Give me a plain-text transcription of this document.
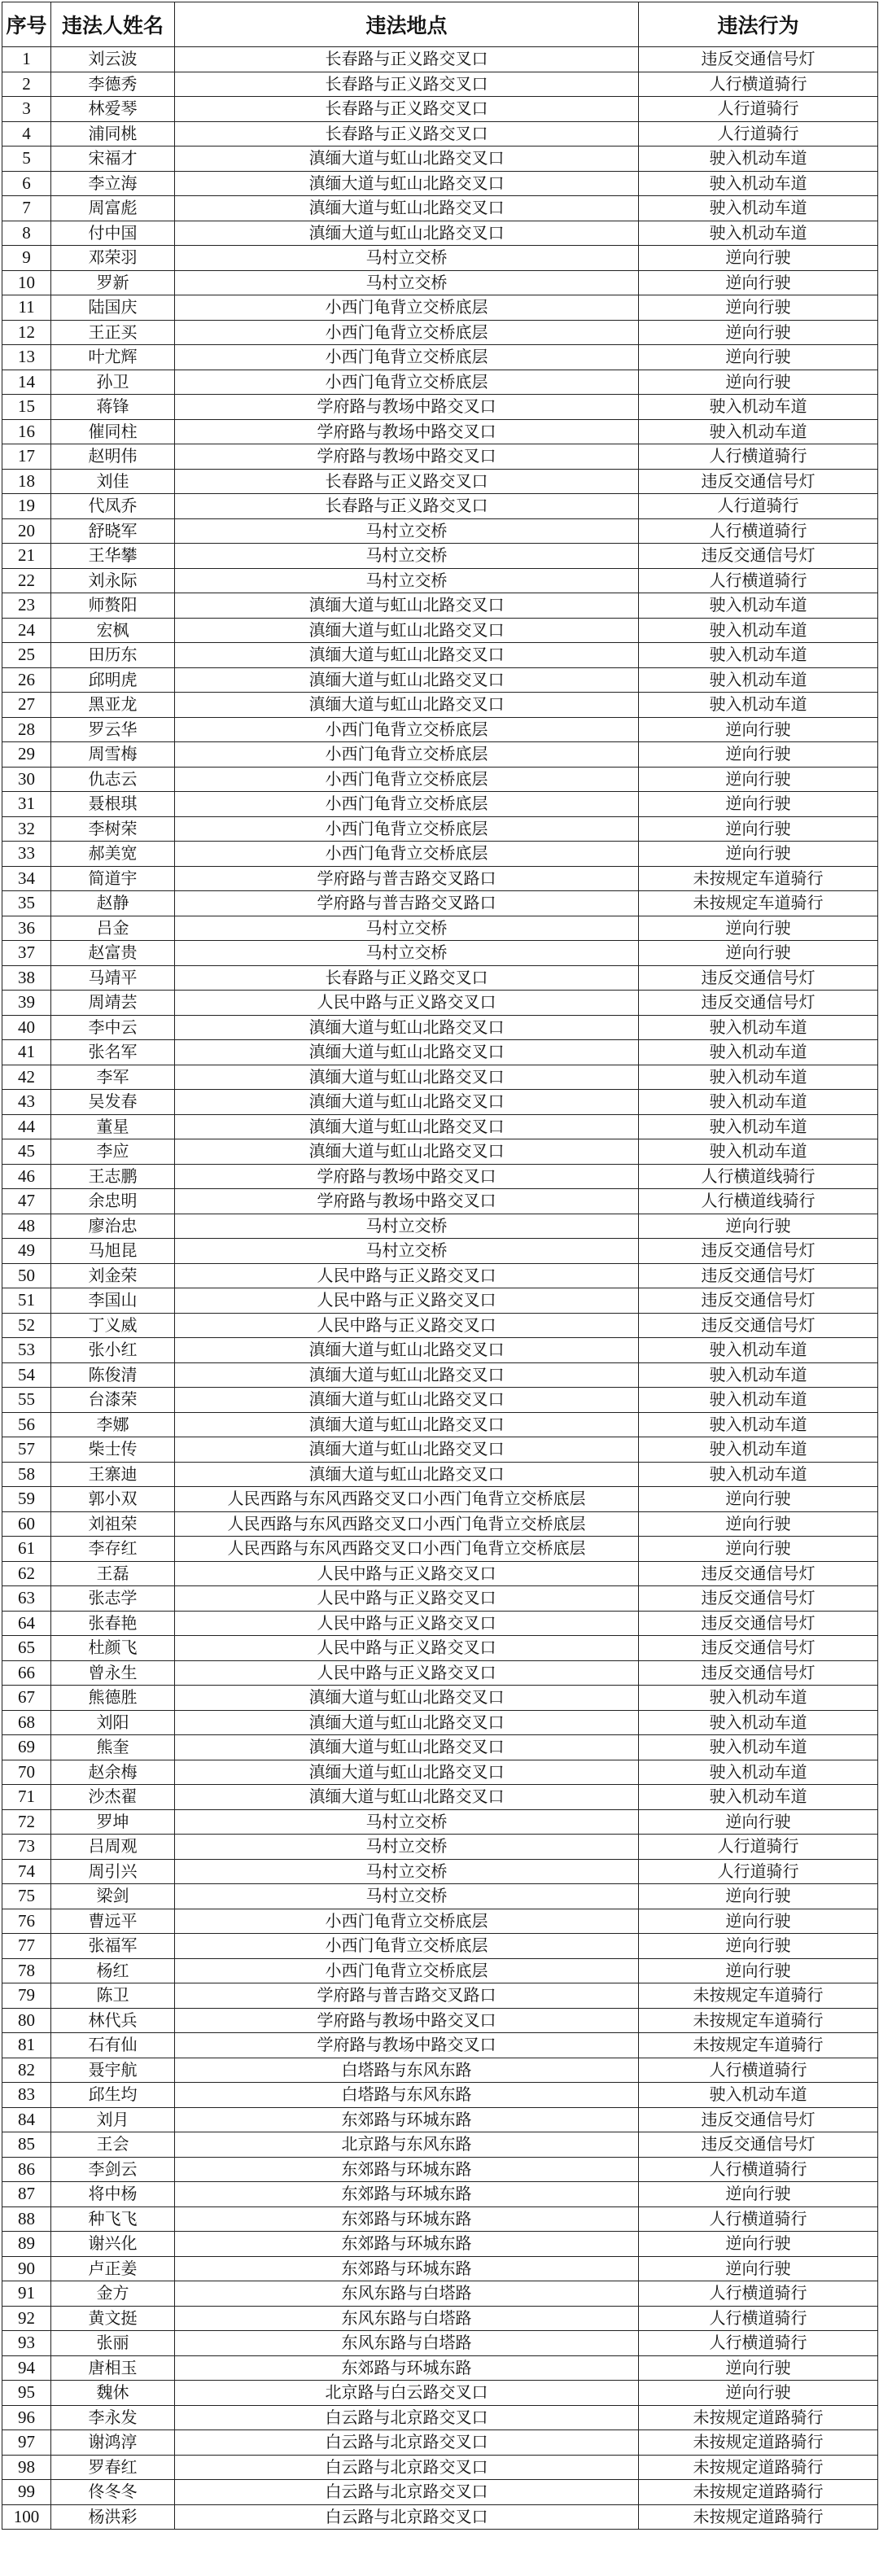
序号	违法人姓名	违法地点	违法行为
1	刘云波	长春路与正义路交叉口	违反交通信号灯
2	李德秀	长春路与正义路交叉口	人行横道骑行
3	林爱琴	长春路与正义路交叉口	人行道骑行
4	浦同桃	长春路与正义路交叉口	人行道骑行
5	宋福才	滇缅大道与虹山北路交叉口	驶入机动车道
6	李立海	滇缅大道与虹山北路交叉口	驶入机动车道
7	周富彪	滇缅大道与虹山北路交叉口	驶入机动车道
8	付中国	滇缅大道与虹山北路交叉口	驶入机动车道
9	邓荣羽	马村立交桥	逆向行驶
10	罗新	马村立交桥	逆向行驶
11	陆国庆	小西门龟背立交桥底层	逆向行驶
12	王正买	小西门龟背立交桥底层	逆向行驶
13	叶尤辉	小西门龟背立交桥底层	逆向行驶
14	孙卫	小西门龟背立交桥底层	逆向行驶
15	蒋锋	学府路与教场中路交叉口	驶入机动车道
16	催同柱	学府路与教场中路交叉口	驶入机动车道
17	赵明伟	学府路与教场中路交叉口	人行横道骑行
18	刘佳	长春路与正义路交叉口	违反交通信号灯
19	代凤乔	长春路与正义路交叉口	人行道骑行
20	舒晓军	马村立交桥	人行横道骑行
21	王华攀	马村立交桥	违反交通信号灯
22	刘永际	马村立交桥	人行横道骑行
23	师赘阳	滇缅大道与虹山北路交叉口	驶入机动车道
24	宏枫	滇缅大道与虹山北路交叉口	驶入机动车道
25	田历东	滇缅大道与虹山北路交叉口	驶入机动车道
26	邱明虎	滇缅大道与虹山北路交叉口	驶入机动车道
27	黑亚龙	滇缅大道与虹山北路交叉口	驶入机动车道
28	罗云华	小西门龟背立交桥底层	逆向行驶
29	周雪梅	小西门龟背立交桥底层	逆向行驶
30	仇志云	小西门龟背立交桥底层	逆向行驶
31	聂根琪	小西门龟背立交桥底层	逆向行驶
32	李树荣	小西门龟背立交桥底层	逆向行驶
33	郝美宽	小西门龟背立交桥底层	逆向行驶
34	简道宇	学府路与普吉路交叉路口	未按规定车道骑行
35	赵静	学府路与普吉路交叉路口	未按规定车道骑行
36	吕金	马村立交桥	逆向行驶
37	赵富贵	马村立交桥	逆向行驶
38	马靖平	长春路与正义路交叉口	违反交通信号灯
39	周靖芸	人民中路与正义路交叉口	违反交通信号灯
40	李中云	滇缅大道与虹山北路交叉口	驶入机动车道
41	张名军	滇缅大道与虹山北路交叉口	驶入机动车道
42	李军	滇缅大道与虹山北路交叉口	驶入机动车道
43	吴发春	滇缅大道与虹山北路交叉口	驶入机动车道
44	董星	滇缅大道与虹山北路交叉口	驶入机动车道
45	李应	滇缅大道与虹山北路交叉口	驶入机动车道
46	王志鹏	学府路与教场中路交叉口	人行横道线骑行
47	余忠明	学府路与教场中路交叉口	人行横道线骑行
48	廖治忠	马村立交桥	逆向行驶
49	马旭昆	马村立交桥	违反交通信号灯
50	刘金荣	人民中路与正义路交叉口	违反交通信号灯
51	李国山	人民中路与正义路交叉口	违反交通信号灯
52	丁义威	人民中路与正义路交叉口	违反交通信号灯
53	张小红	滇缅大道与虹山北路交叉口	驶入机动车道
54	陈俊清	滇缅大道与虹山北路交叉口	驶入机动车道
55	台漆荣	滇缅大道与虹山北路交叉口	驶入机动车道
56	李娜	滇缅大道与虹山北路交叉口	驶入机动车道
57	柴士传	滇缅大道与虹山北路交叉口	驶入机动车道
58	王寨迪	滇缅大道与虹山北路交叉口	驶入机动车道
59	郭小双	人民西路与东风西路交叉口小西门龟背立交桥底层	逆向行驶
60	刘祖荣	人民西路与东风西路交叉口小西门龟背立交桥底层	逆向行驶
61	李存红	人民西路与东风西路交叉口小西门龟背立交桥底层	逆向行驶
62	王磊	人民中路与正义路交叉口	违反交通信号灯
63	张志学	人民中路与正义路交叉口	违反交通信号灯
64	张春艳	人民中路与正义路交叉口	违反交通信号灯
65	杜颜飞	人民中路与正义路交叉口	违反交通信号灯
66	曾永生	人民中路与正义路交叉口	违反交通信号灯
67	熊德胜	滇缅大道与虹山北路交叉口	驶入机动车道
68	刘阳	滇缅大道与虹山北路交叉口	驶入机动车道
69	熊奎	滇缅大道与虹山北路交叉口	驶入机动车道
70	赵余梅	滇缅大道与虹山北路交叉口	驶入机动车道
71	沙杰翟	滇缅大道与虹山北路交叉口	驶入机动车道
72	罗坤	马村立交桥	逆向行驶
73	吕周观	马村立交桥	人行道骑行
74	周引兴	马村立交桥	人行道骑行
75	梁剑	马村立交桥	逆向行驶
76	曹远平	小西门龟背立交桥底层	逆向行驶
77	张福军	小西门龟背立交桥底层	逆向行驶
78	杨红	小西门龟背立交桥底层	逆向行驶
79	陈卫	学府路与普吉路交叉路口	未按规定车道骑行
80	林代兵	学府路与教场中路交叉口	未按规定车道骑行
81	石有仙	学府路与教场中路交叉口	未按规定车道骑行
82	聂宇航	白塔路与东风东路	人行横道骑行
83	邱生均	白塔路与东风东路	驶入机动车道
84	刘月	东郊路与环城东路	违反交通信号灯
85	王会	北京路与东风东路	违反交通信号灯
86	李剑云	东郊路与环城东路	人行横道骑行
87	将中杨	东郊路与环城东路	逆向行驶
88	种飞飞	东郊路与环城东路	人行横道骑行
89	谢兴化	东郊路与环城东路	逆向行驶
90	卢正姜	东郊路与环城东路	逆向行驶
91	金方	东风东路与白塔路	人行横道骑行
92	黄文挺	东风东路与白塔路	人行横道骑行
93	张丽	东风东路与白塔路	人行横道骑行
94	唐相玉	东郊路与环城东路	逆向行驶
95	魏休	北京路与白云路交叉口	逆向行驶
96	李永发	白云路与北京路交叉口	未按规定道路骑行
97	谢鸿淳	白云路与北京路交叉口	未按规定道路骑行
98	罗春红	白云路与北京路交叉口	未按规定道路骑行
99	佟冬冬	白云路与北京路交叉口	未按规定道路骑行
100	杨洪彩	白云路与北京路交叉口	未按规定道路骑行
